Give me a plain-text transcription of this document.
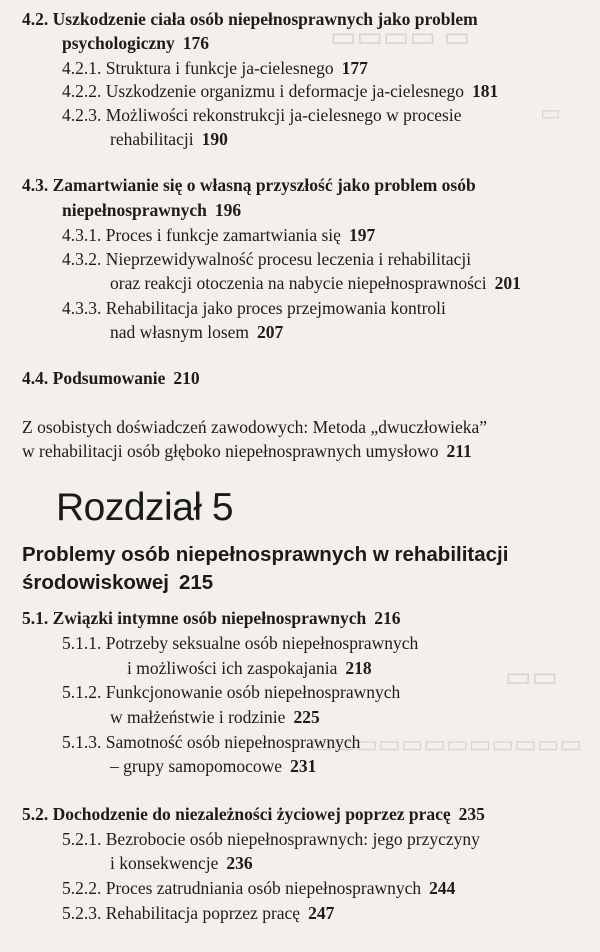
▭▭▭▭ ▭
▭
▭▭
▭▭▭▭▭▭▭▭▭▭▭▭
4.2. Uszkodzenie ciała osób niepełnosprawnych jako problem
psychologiczny 176
4.2.1. Struktura i funkcje ja-cielesnego 177
4.2.2. Uszkodzenie organizmu i deformacje ja-cielesnego 181
4.2.3. Możliwości rekonstrukcji ja-cielesnego w procesie
rehabilitacji 190
4.3. Zamartwianie się o własną przyszłość jako problem osób
niepełnosprawnych 196
4.3.1. Proces i funkcje zamartwiania się 197
4.3.2. Nieprzewidywalność procesu leczenia i rehabilitacji
oraz reakcji otoczenia na nabycie niepełnosprawności 201
4.3.3. Rehabilitacja jako proces przejmowania kontroli
nad własnym losem 207
4.4. Podsumowanie 210
Z osobistych doświadczeń zawodowych: Metoda „dwuczłowieka”
w rehabilitacji osób głęboko niepełnosprawnych umysłowo 211
Rozdział 5
Problemy osób niepełnosprawnych w rehabilitacji
środowiskowej 215
5.1. Związki intymne osób niepełnosprawnych 216
5.1.1. Potrzeby seksualne osób niepełnosprawnych
i możliwości ich zaspokajania 218
5.1.2. Funkcjonowanie osób niepełnosprawnych
w małżeństwie i rodzinie 225
5.1.3. Samotność osób niepełnosprawnych
– grupy samopomocowe 231
5.2. Dochodzenie do niezależności życiowej poprzez pracę 235
5.2.1. Bezrobocie osób niepełnosprawnych: jego przyczyny
i konsekwencje 236
5.2.2. Proces zatrudniania osób niepełnosprawnych 244
5.2.3. Rehabilitacja poprzez pracę 247
